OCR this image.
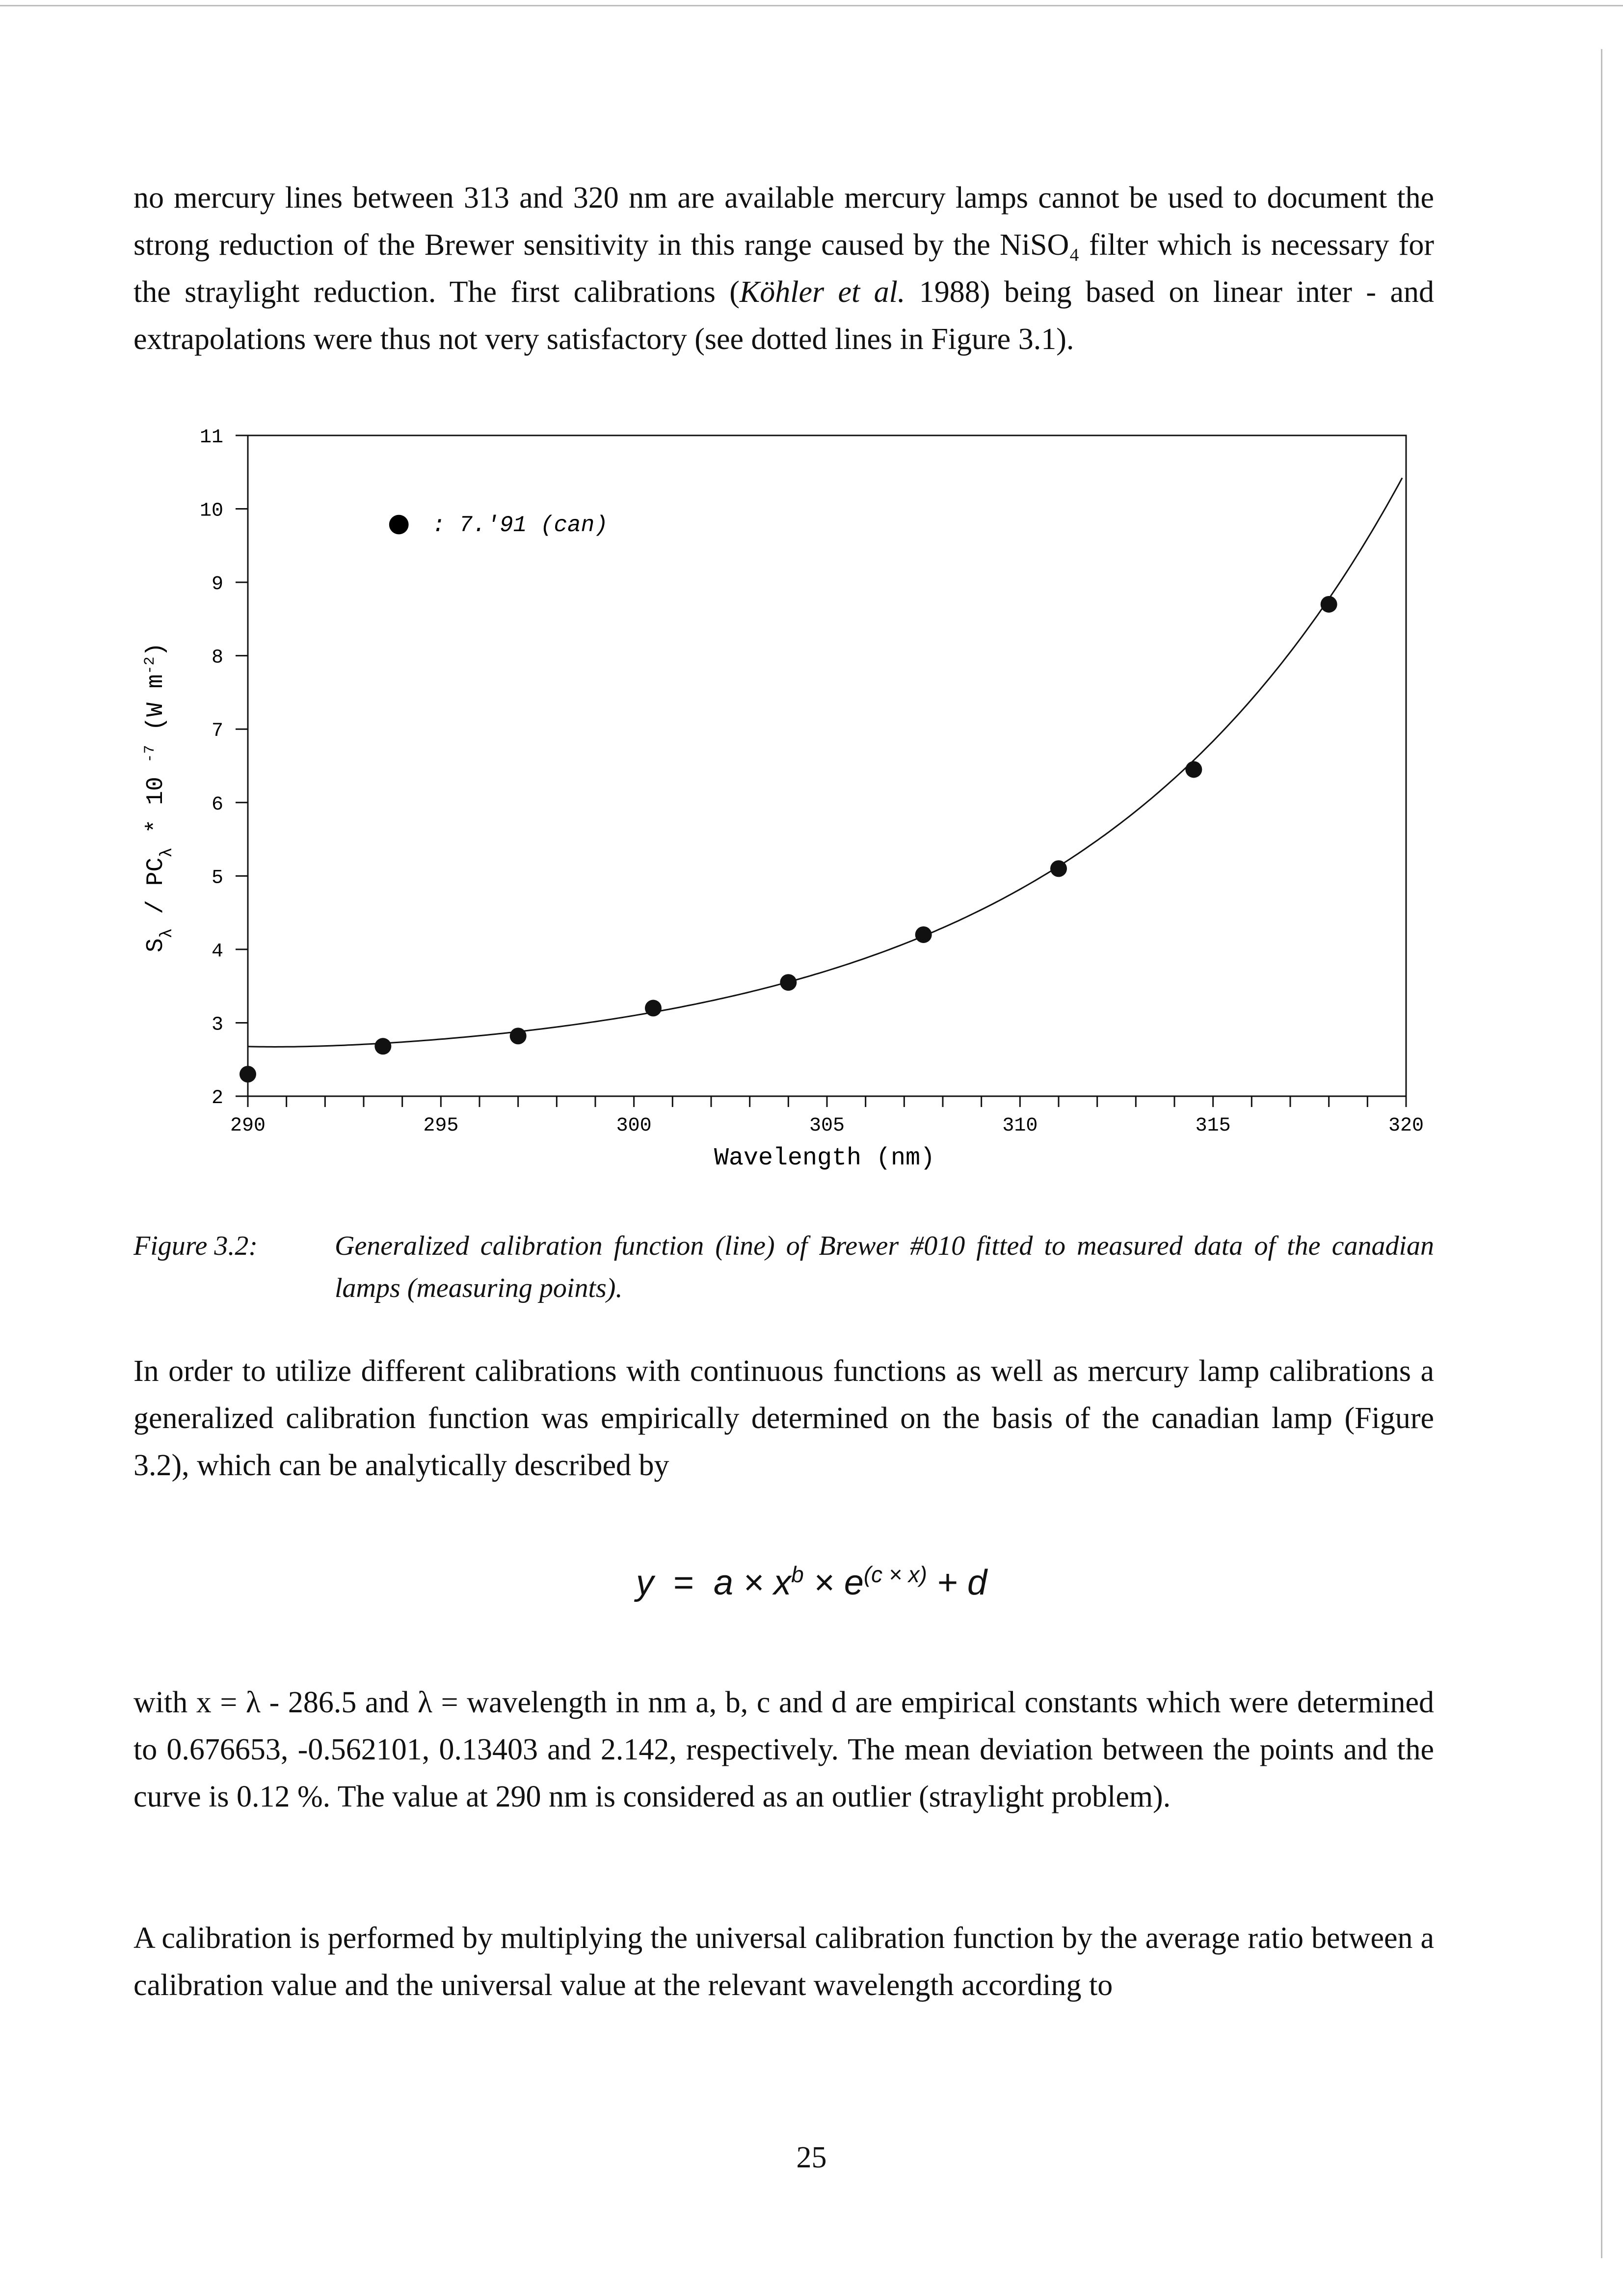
no mercury lines between 313 and 320 nm are available mercury lamps cannot be used to document the strong reduction of the Brewer sensitivity in this range caused by the NiSO₄ filter which is necessary for the straylight reduction. The first calibrations (Köhler et al. 1988) being based on linear inter - and extrapolations were thus not very satisfactory (see dotted lines in Figure 3.1).

2
3
4
5
6
7
8
9
10
11
290	295	300	305	310	315	320
● : 7.'91 (can)
Wavelength (nm)
$S_\lambda / PC_\lambda * 10$ $^{-7}$ (W $m^{-2}$)
Figure 3.2:	Generalized calibration function (line) of Brewer #010 fitted to measured data of the canadian lamps (measuring points).

In order to utilize different calibrations with continuous functions as well as mercury lamp calibrations a generalized calibration function was empirically determined on the basis of the canadian lamp (Figure 3.2), which can be analytically described by

$y = a \times x^b \times e^{(c \times x)} + d$

with x = λ - 286.5 and λ = wavelength in nm a, b, c and d are empirical constants which were determined to 0.676653, -0.562101, 0.13403 and 2.142, respectively. The mean deviation between the points and the curve is 0.12 %. The value at 290 nm is considered as an outlier (straylight problem).

A calibration is performed by multiplying the universal calibration function by the average ratio between a calibration value and the universal value at the relevant wavelength according to

25
